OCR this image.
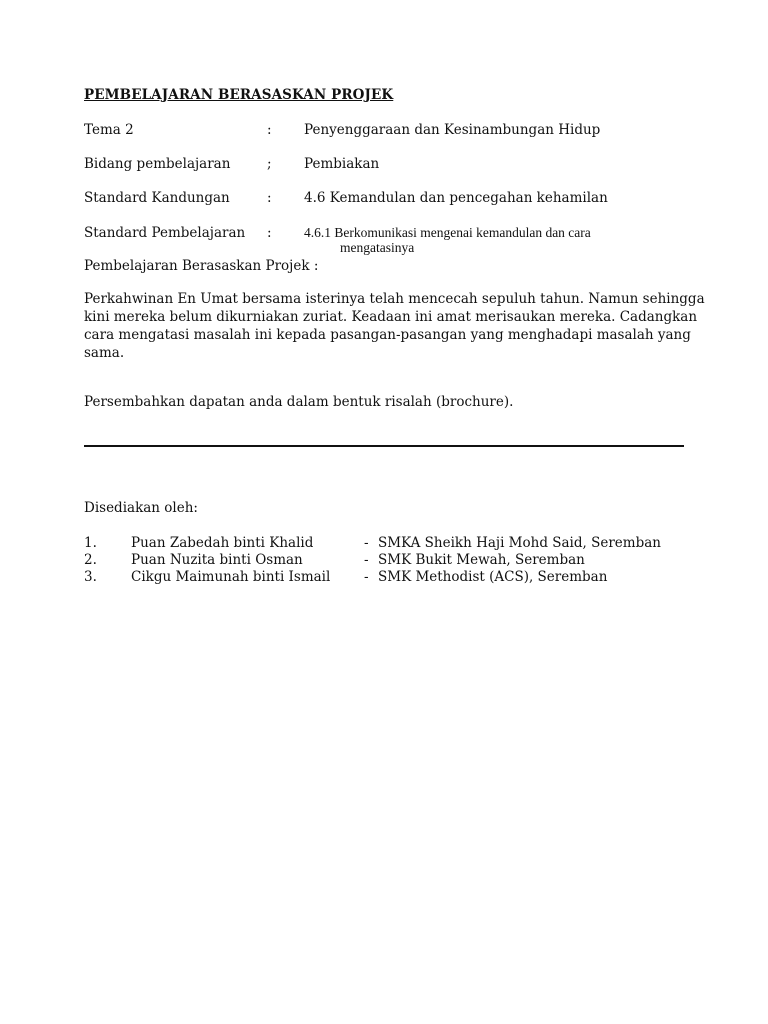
PEMBELAJARAN BERASASKAN PROJEK
Tema 2	: Penyenggaraan dan Kesinambungan Hidup
Bidang pembelajaran	; Pembiakan
Standard Kandungan	: 4.6 Kemandulan dan pencegahan kehamilan
Standard Pembelajaran : 4.6.1 Berkomunikasi mengenai kemandulan dan cara
mengatasinya
Pembelajaran Berasaskan Projek :
Perkahwinan En Umat bersama isterinya telah mencecah sepuluh tahun. Namun sehingga
kini mereka belum dikurniakan zuriat. Keadaan ini amat merisaukan mereka. Cadangkan
cara mengatasi masalah ini kepada pasangan-pasangan yang menghadapi masalah yang
sama.
Persembahkan dapatan anda dalam bentuk risalah (brochure).
Disediakan oleh:
1.	Puan Zabedah binti Khalid	- SMKA Sheikh Haji Mohd Said, Seremban
2.	Puan Nuzita binti Osman	- SMK Bukit Mewah, Seremban
3.	Cikgu Maimunah binti Ismail - SMK Methodist (ACS), Seremban
